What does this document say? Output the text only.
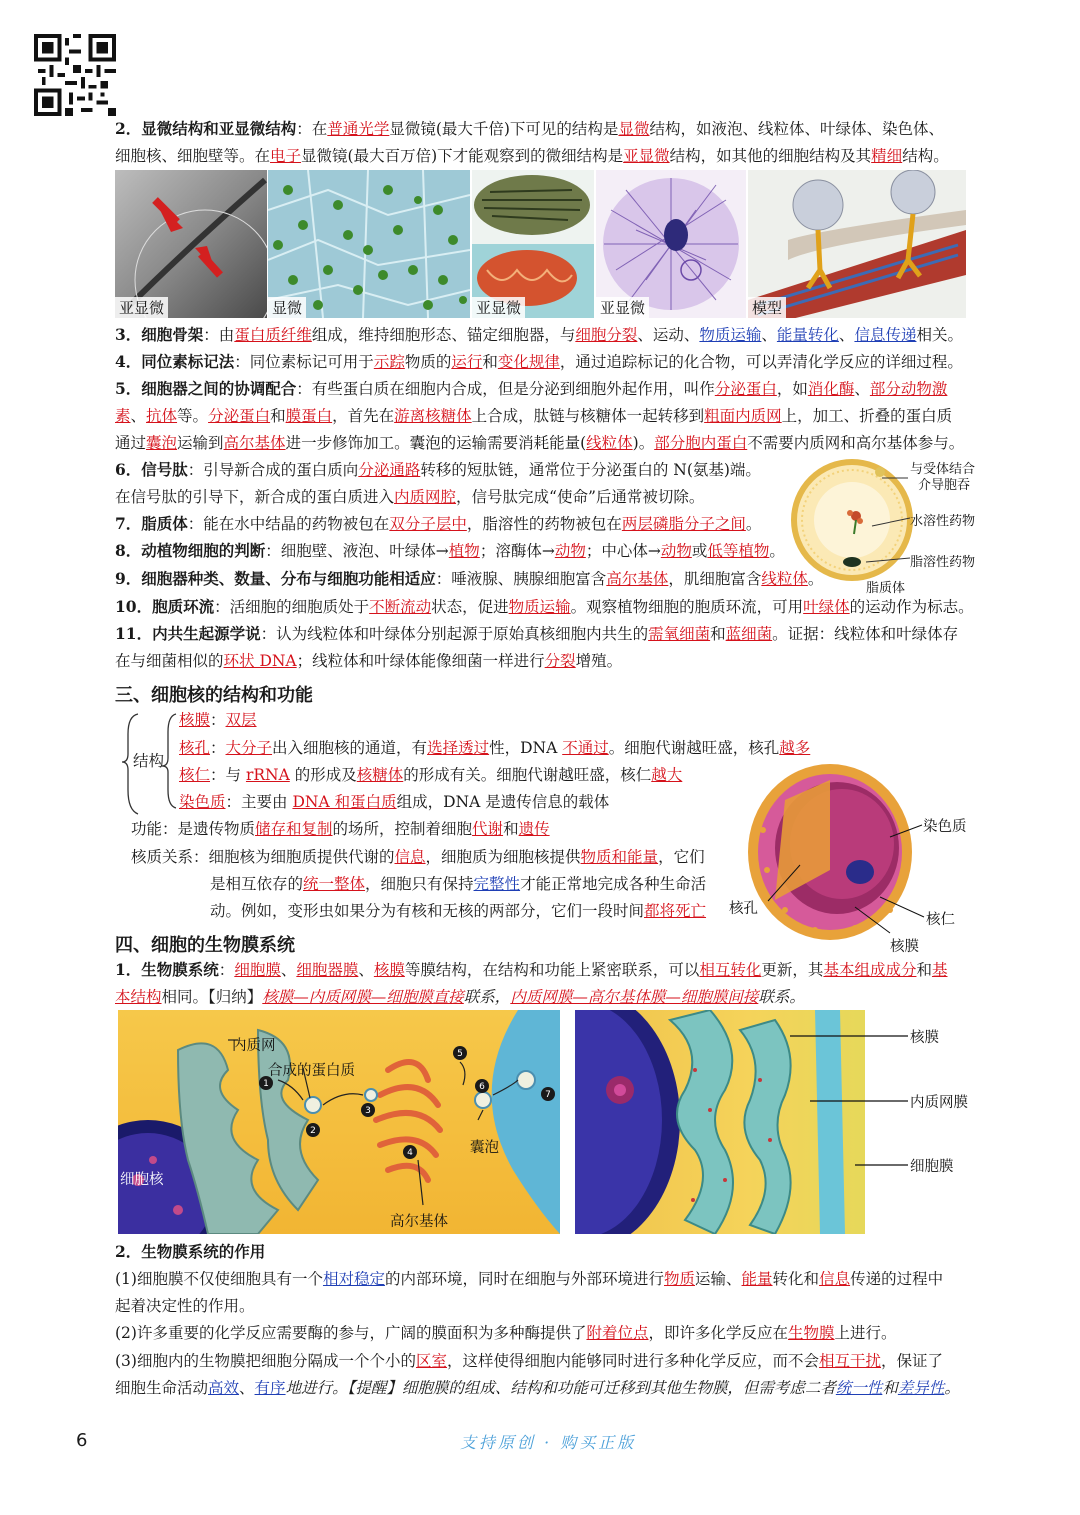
2．显微结构和亚显微结构：在普通光学显微镜(最大千倍)下可见的结构是显微结构，如液泡、线粒体、叶绿体、染色体、
细胞核、细胞壁等。在电子显微镜(最大百万倍)下才能观察到的微细结构是亚显微结构，如其他的细胞结构及其精细结构。
亚显微	显微	亚显微	亚显微	模型
3．细胞骨架：由蛋白质纤维组成，维持细胞形态、锚定细胞器，与细胞分裂、运动、物质运输、能量转化、信息传递相关。
4．同位素标记法：同位素标记可用于示踪物质的运行和变化规律，通过追踪标记的化合物，可以弄清化学反应的详细过程。
5．细胞器之间的协调配合：有些蛋白质在细胞内合成，但是分泌到细胞外起作用，叫作分泌蛋白，如消化酶、部分动物激
素、抗体等。分泌蛋白和膜蛋白，首先在游离核糖体上合成，肽链与核糖体一起转移到粗面内质网上，加工、折叠的蛋白质
通过囊泡运输到高尔基体进一步修饰加工。囊泡的运输需要消耗能量(线粒体)。部分胞内蛋白不需要内质网和高尔基体参与。
6．信号肽：引导新合成的蛋白质向分泌通路转移的短肽链，通常位于分泌蛋白的 N(氨基)端。
在信号肽的引导下，新合成的蛋白质进入内质网腔，信号肽完成“使命”后通常被切除。
7．脂质体：能在水中结晶的药物被包在双分子层中，脂溶性的药物被包在两层磷脂分子之间。
8．动植物细胞的判断：细胞壁、液泡、叶绿体→植物；溶酶体→动物；中心体→动物或低等植物。
9．细胞器种类、数量、分布与细胞功能相适应：唾液腺、胰腺细胞富含高尔基体，肌细胞富含线粒体。
10．胞质环流：活细胞的细胞质处于不断流动状态，促进物质运输。观察植物细胞的胞质环流，可用叶绿体的运动作为标志。
11．内共生起源学说：认为线粒体和叶绿体分别起源于原始真核细胞内共生的需氧细菌和蓝细菌。证据：线粒体和叶绿体存
在与细菌相似的环状 DNA；线粒体和叶绿体能像细菌一样进行分裂增殖。
与受体结合
介导胞吞
水溶性药物
脂溶性药物
脂质体
三、细胞核的结构和功能
结构
核膜：双层
核孔：大分子出入细胞核的通道，有选择透过性，DNA 不通过。细胞代谢越旺盛，核孔越多
核仁：与 rRNA 的形成及核糖体的形成有关。细胞代谢越旺盛，核仁越大
染色质：主要由 DNA 和蛋白质组成，DNA 是遗传信息的载体
功能：是遗传物质储存和复制的场所，控制着细胞代谢和遗传
核质关系：细胞核为细胞质提供代谢的信息，细胞质为细胞核提供物质和能量，它们
是相互依存的统一整体，细胞只有保持完整性才能正常地完成各种生命活
动。例如，变形虫如果分为有核和无核的两部分，它们一段时间都将死亡
染色质
核孔
核仁
核膜
四、细胞的生物膜系统
1．生物膜系统：细胞膜、细胞器膜、核膜等膜结构，在结构和功能上紧密联系，可以相互转化更新，其基本组成成分和基
本结构相同。【归纳】核膜—内质网膜—细胞膜直接联系，内质网膜—高尔基体膜—细胞膜间接联系。
1
2
3
4
5
6
7
内质网
合成的蛋白质
细胞核
囊泡
高尔基体
核膜
内质网膜
细胞膜
2．生物膜系统的作用
(1)细胞膜不仅使细胞具有一个相对稳定的内部环境，同时在细胞与外部环境进行物质运输、能量转化和信息传递的过程中
起着决定性的作用。
(2)许多重要的化学反应需要酶的参与，广阔的膜面积为多种酶提供了附着位点，即许多化学反应在生物膜上进行。
(3)细胞内的生物膜把细胞分隔成一个个小的区室，这样使得细胞内能够同时进行多种化学反应，而不会相互干扰，保证了
细胞生命活动高效、有序地进行。【提醒】细胞膜的组成、结构和功能可迁移到其他生物膜，但需考虑二者统一性和差异性。
6	支持原创 · 购买正版
